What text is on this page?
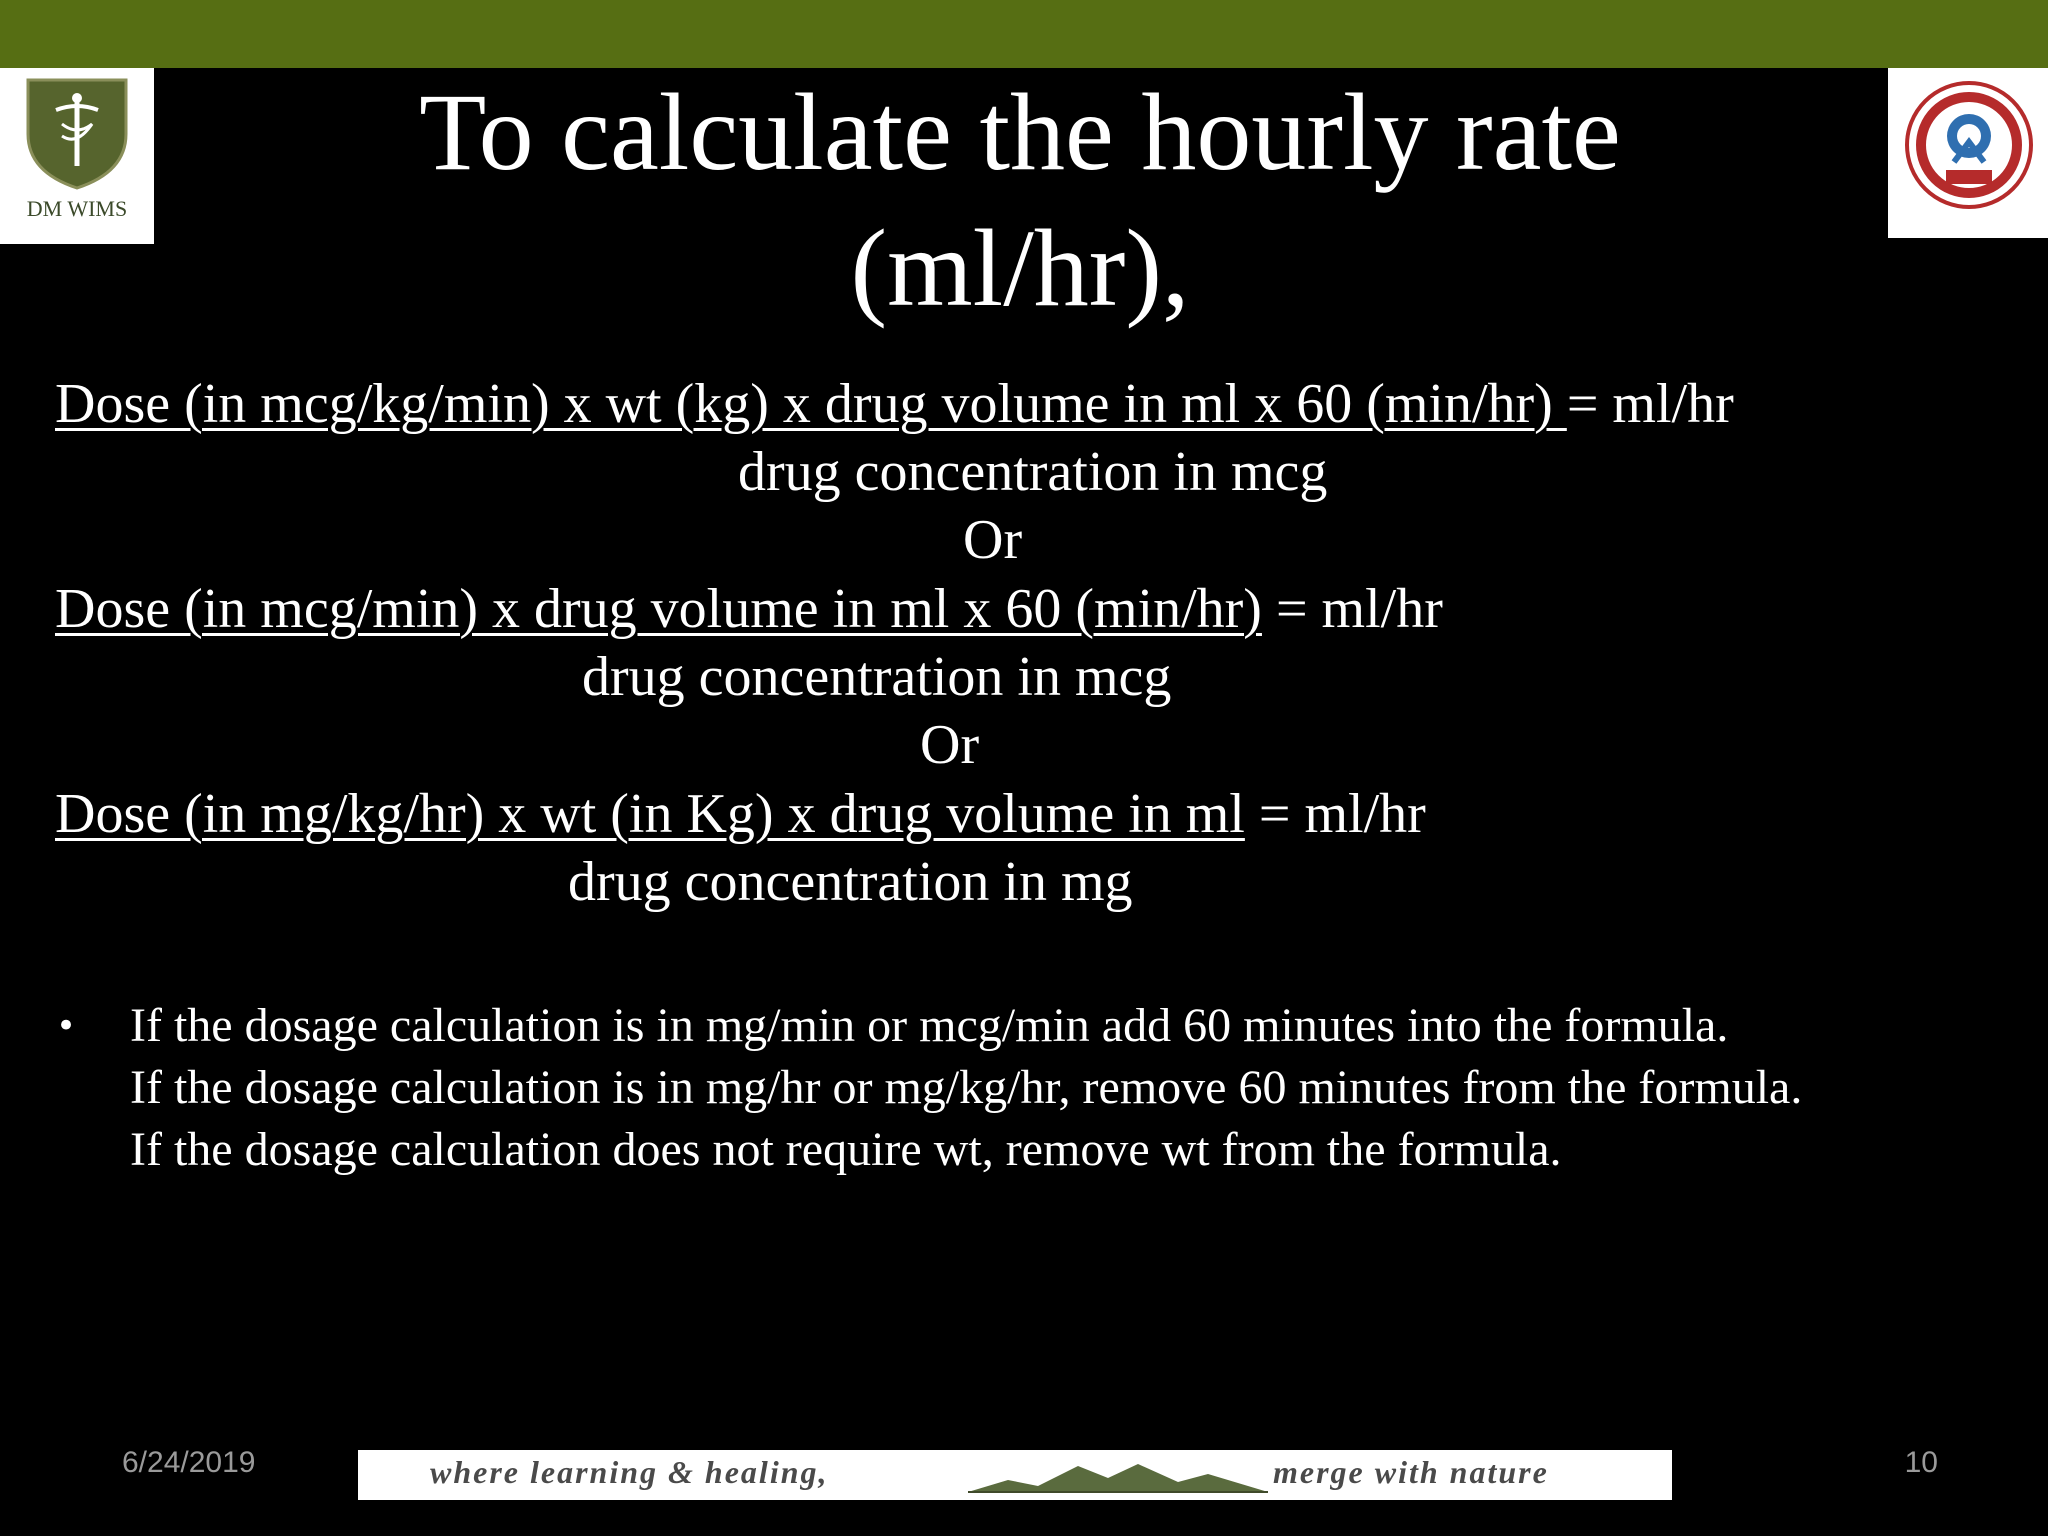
DM WIMS
To calculate the hourly rate
(ml/hr),
Dose (in mcg/kg/min) x wt (kg) x drug volume in ml x 60 (min/hr) = ml/hr
drug concentration in mcg
Or
Dose (in mcg/min) x drug volume in ml x 60 (min/hr) = ml/hr
drug concentration in mcg
Or
Dose (in mg/kg/hr) x wt (in Kg) x drug volume in ml = ml/hr
drug concentration in mg
• If the dosage calculation is in mg/min or mcg/min add 60 minutes into the formula.

If the dosage calculation is in mg/hr or mg/kg/hr, remove 60 minutes from the formula.

If the dosage calculation does not require wt, remove wt from the formula.

6/24/2019	where learning & healing,	merge with nature	10
